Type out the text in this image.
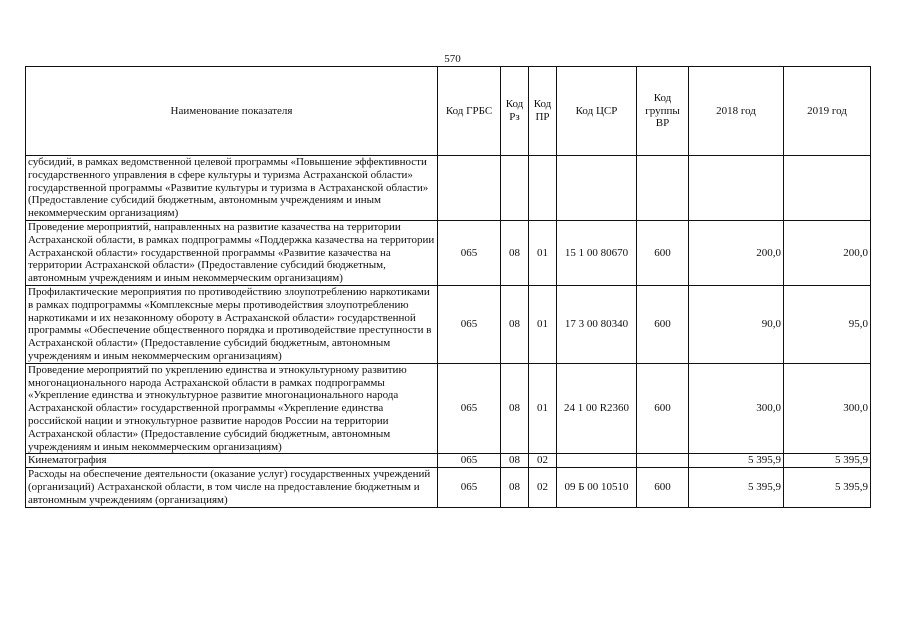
570
Наименование показателя	Код ГРБС	Код Рз	Код ПР	Код ЦСР	Код группы ВР	2018 год	2019 год
субсидий, в рамках ведомственной целевой программы «Повышение эффективности государственного управления в сфере культуры и туризма Астраханской области» государственной программы «Развитие культуры и туризма в Астраханской области» (Предоставление субсидий бюджетным, автономным учреждениям и иным некоммерческим организациям)							
Проведение мероприятий, направленных на развитие казачества на территории Астраханской области, в рамках подпрограммы «Поддержка казачества на территории Астраханской области» государственной программы «Развитие казачества на территории Астраханской области» (Предоставление субсидий бюджетным, автономным учреждениям и иным некоммерческим организациям)	065	08	01	15 1 00 80670	600	200,0	200,0
Профилактические мероприятия по противодействию злоупотреблению наркотиками в рамках подпрограммы «Комплексные меры противодействия злоупотреблению наркотиками и их незаконному обороту в Астраханской области» государственной программы «Обеспечение общественного порядка и противодействие преступности в Астраханской области» (Предоставление субсидий бюджетным, автономным учреждениям и иным некоммерческим организациям)	065	08	01	17 3 00 80340	600	90,0	95,0
Проведение мероприятий по укреплению единства и этнокультурному развитию многонационального народа Астраханской области в рамках подпрограммы «Укрепление единства и этнокультурное развитие многонационального народа Астраханской области» государственной программы «Укрепление единства российской нации и этнокультурное развитие народов России на территории Астраханской области» (Предоставление субсидий бюджетным, автономным учреждениям и иным некоммерческим организациям)	065	08	01	24 1 00 R2360	600	300,0	300,0
Кинематография	065	08	02			5 395,9	5 395,9
Расходы на обеспечение деятельности (оказание услуг) государственных учреждений (организаций) Астраханской области, в том числе на предоставление бюджетным и автономным учреждениям (организациям)	065	08	02	09 Б 00 10510	600	5 395,9	5 395,9
